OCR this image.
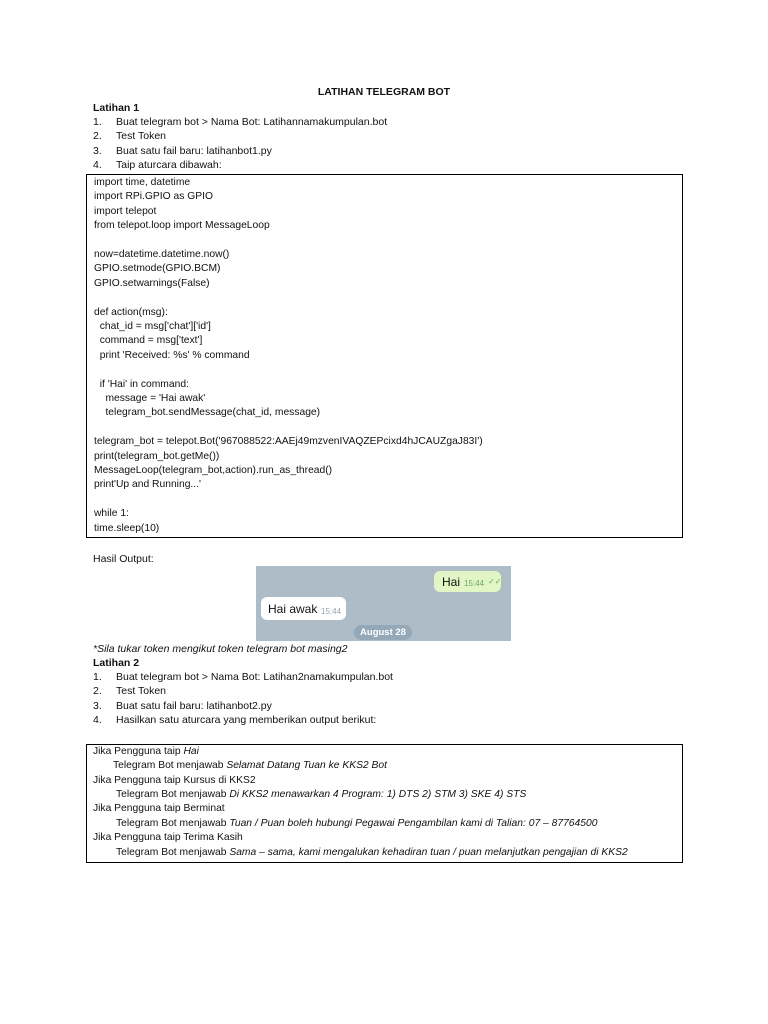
LATIHAN TELEGRAM BOT
Latihan 1
1. Buat telegram bot > Nama Bot: Latihannamakumpulan.bot
2. Test Token
3. Buat satu fail baru: latihanbot1.py
4. Taip aturcara dibawah:
import time, datetime
import RPi.GPIO as GPIO
import telepot
from telepot.loop import MessageLoop
now=datetime.datetime.now()
GPIO.setmode(GPIO.BCM)
GPIO.setwarnings(False)
def action(msg):
chat_id = msg['chat']['id']
command = msg['text']
print 'Received: %s' % command
if 'Hai' in command:
message = 'Hai awak'
telegram_bot.sendMessage(chat_id, message)
telegram_bot = telepot.Bot('967088522:AAEj49mzvenIVAQZEPcixd4hJCAUZgaJ83I')
print(telegram_bot.getMe())
MessageLoop(telegram_bot,action).run_as_thread()
print'Up and Running...'
while 1:
time.sleep(10)
Hasil Output:
Hai 15:44 ✓✓
Hai awak 15:44
August 28
*Sila tukar token mengikut token telegram bot masing2
Latihan 2
1. Buat telegram bot > Nama Bot: Latihan2namakumpulan.bot
2. Test Token
3. Buat satu fail baru: latihanbot2.py
4. Hasilkan satu aturcara yang memberikan output berikut:
Jika Pengguna taip Hai
Telegram Bot menjawab Selamat Datang Tuan ke KKS2 Bot
Jika Pengguna taip Kursus di KKS2
Telegram Bot menjawab Di KKS2 menawarkan 4 Program: 1) DTS 2) STM 3) SKE 4) STS
Jika Pengguna taip Berminat
Telegram Bot menjawab Tuan / Puan boleh hubungi Pegawai Pengambilan kami di Talian: 07 – 87764500
Jika Pengguna taip Terima Kasih
Telegram Bot menjawab Sama – sama, kami mengalukan kehadiran tuan / puan melanjutkan pengajian di KKS2
